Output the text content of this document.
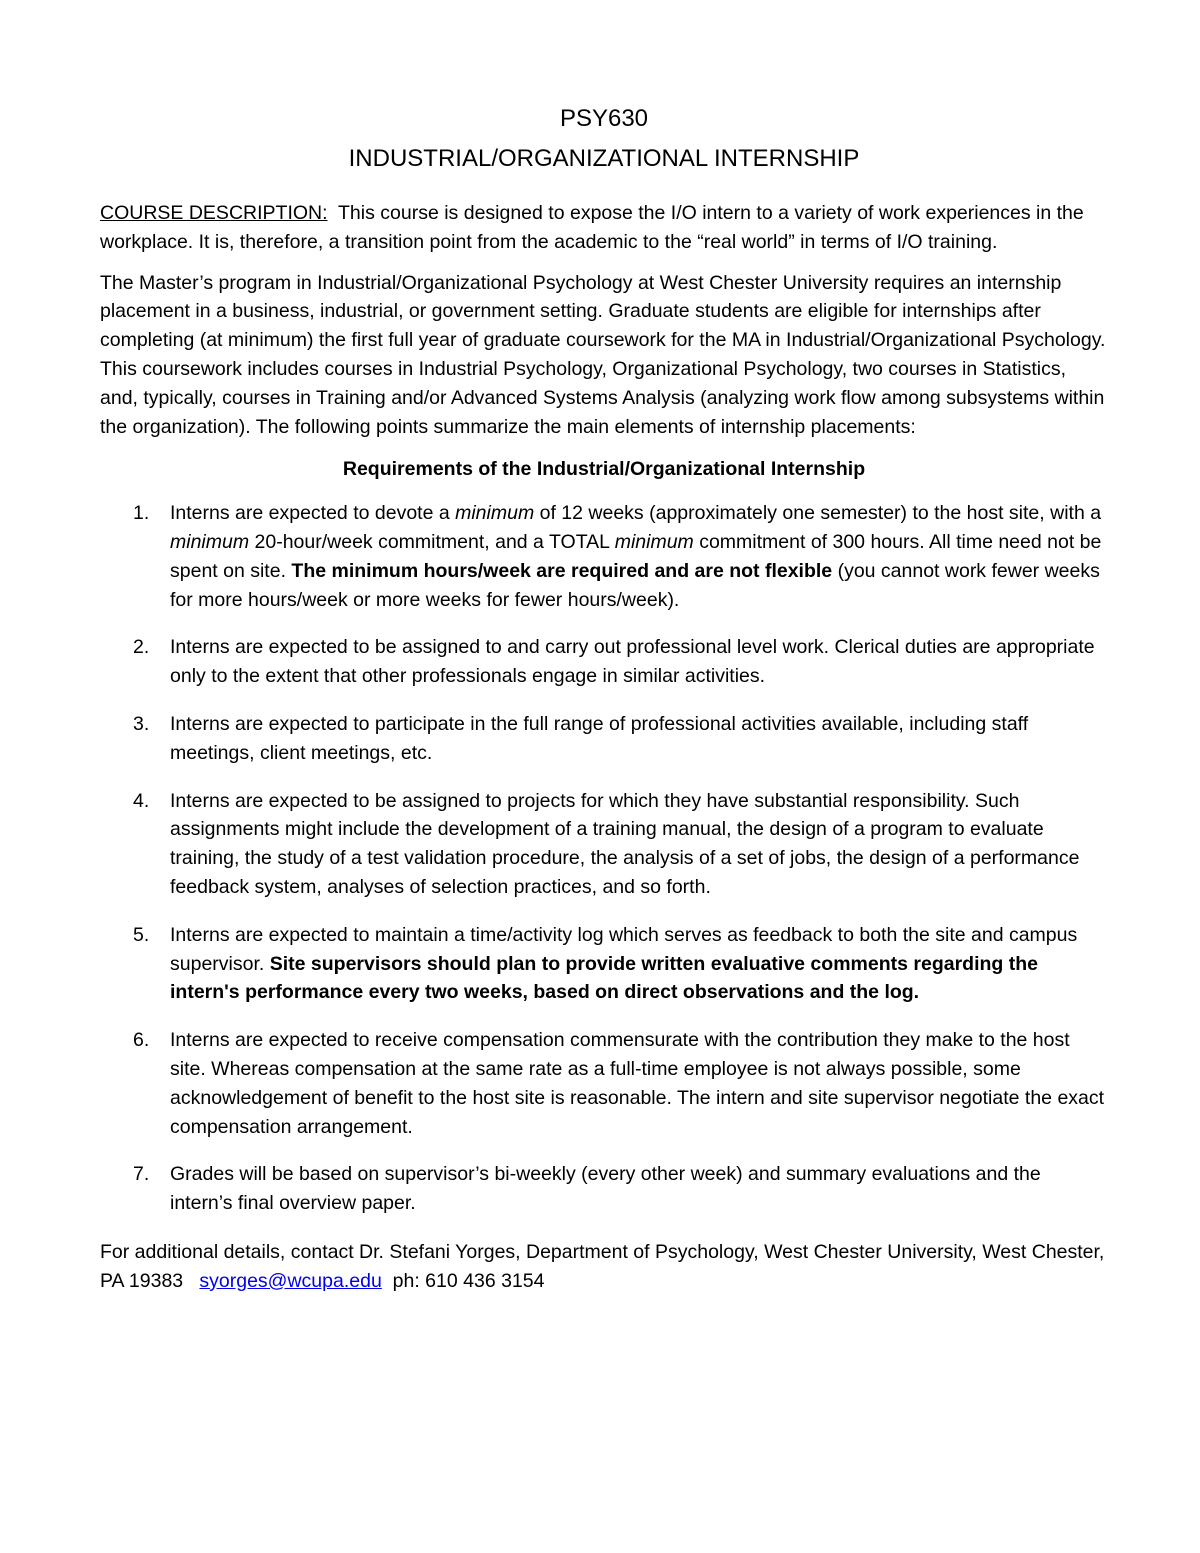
PSY630
INDUSTRIAL/ORGANIZATIONAL INTERNSHIP

COURSE DESCRIPTION: This course is designed to expose the I/O intern to a variety of work experiences in the workplace. It is, therefore, a transition point from the academic to the “real world” in terms of I/O training.

The Master’s program in Industrial/Organizational Psychology at West Chester University requires an internship placement in a business, industrial, or government setting. Graduate students are eligible for internships after completing (at minimum) the first full year of graduate coursework for the MA in Industrial/Organizational Psychology. This coursework includes courses in Industrial Psychology, Organizational Psychology, two courses in Statistics, and, typically, courses in Training and/or Advanced Systems Analysis (analyzing work flow among subsystems within the organization). The following points summarize the main elements of internship placements:

Requirements of the Industrial/Organizational Internship

1. Interns are expected to devote a minimum of 12 weeks (approximately one semester) to the host site, with a minimum 20-hour/week commitment, and a TOTAL minimum commitment of 300 hours. All time need not be spent on site. The minimum hours/week are required and are not flexible (you cannot work fewer weeks for more hours/week or more weeks for fewer hours/week).
2. Interns are expected to be assigned to and carry out professional level work. Clerical duties are appropriate only to the extent that other professionals engage in similar activities.
3. Interns are expected to participate in the full range of professional activities available, including staff meetings, client meetings, etc.
4. Interns are expected to be assigned to projects for which they have substantial responsibility. Such assignments might include the development of a training manual, the design of a program to evaluate training, the study of a test validation procedure, the analysis of a set of jobs, the design of a performance feedback system, analyses of selection practices, and so forth.
5. Interns are expected to maintain a time/activity log which serves as feedback to both the site and campus supervisor. Site supervisors should plan to provide written evaluative comments regarding the intern's performance every two weeks, based on direct observations and the log.
6. Interns are expected to receive compensation commensurate with the contribution they make to the host site. Whereas compensation at the same rate as a full-time employee is not always possible, some acknowledgement of benefit to the host site is reasonable. The intern and site supervisor negotiate the exact compensation arrangement.
7. Grades will be based on supervisor’s bi-weekly (every other week) and summary evaluations and the intern’s final overview paper.

For additional details, contact Dr. Stefani Yorges, Department of Psychology, West Chester University, West Chester, PA 19383 syorges@wcupa.edu ph: 610 436 3154
